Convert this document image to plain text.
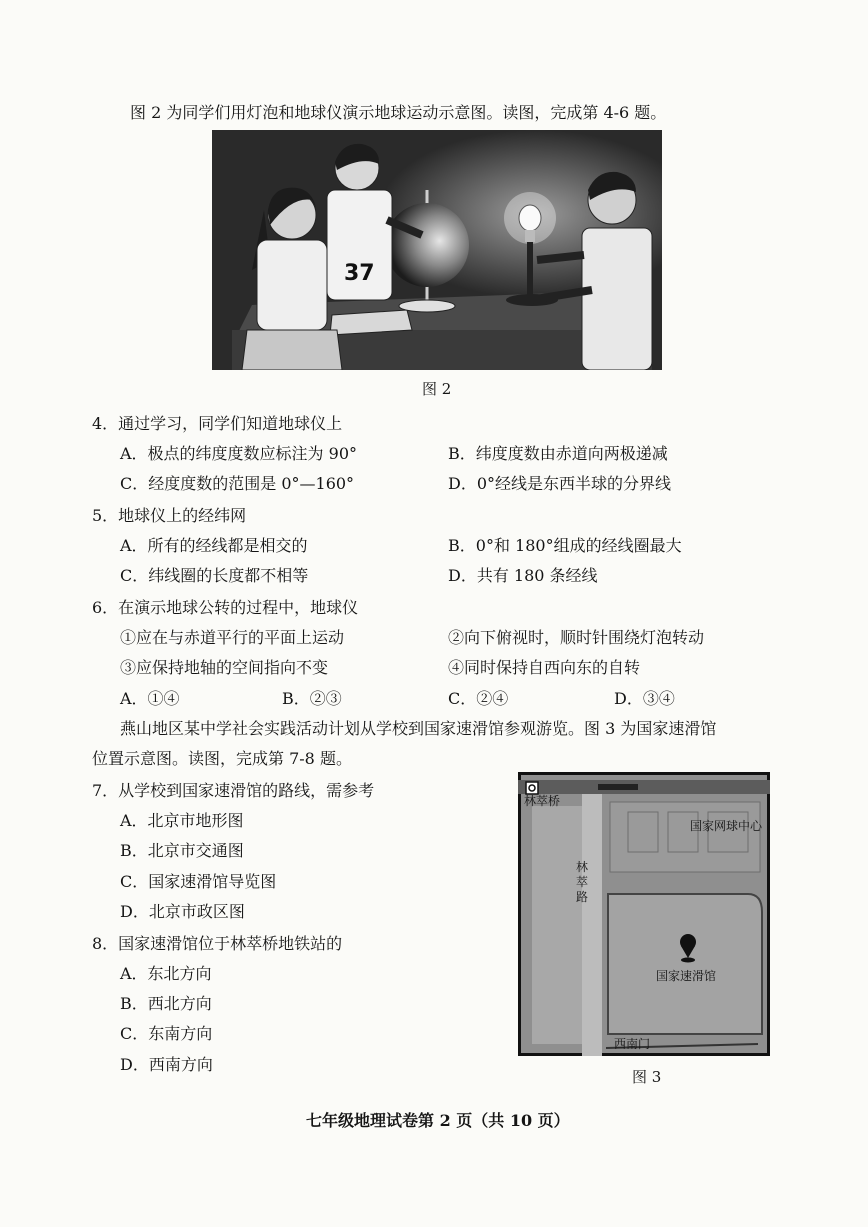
图 2 为同学们用灯泡和地球仪演示地球运动示意图。读图，完成第 4-6 题。
37
图 2
4．通过学习，同学们知道地球仪上
A．极点的纬度度数应标注为 90°	B．纬度度数由赤道向两极递减
C．经度度数的范围是 0°—160°	D．0°经线是东西半球的分界线
5．地球仪上的经纬网
A．所有的经线都是相交的	B．0°和 180°组成的经线圈最大
C．纬线圈的长度都不相等	D．共有 180 条经线
6．在演示地球公转的过程中，地球仪
①应在与赤道平行的平面上运动	②向下俯视时，顺时针围绕灯泡转动
③应保持地轴的空间指向不变	④同时保持自西向东的自转
A．①④	B．②③	C．②④	D．③④
燕山地区某中学社会实践活动计划从学校到国家速滑馆参观游览。图 3 为国家速滑馆
位置示意图。读图，完成第 7-8 题。
7．从学校到国家速滑馆的路线，需参考
A．北京市地形图
B．北京市交通图
C．国家速滑馆导览图
D．北京市政区图
8．国家速滑馆位于林萃桥地铁站的
A．东北方向
B．西北方向
C．东南方向
D．西南方向
林萃桥
国家网球中心
国家速滑馆
西南门
林萃路
图 3
七年级地理试卷第 2 页（共 10 页）
